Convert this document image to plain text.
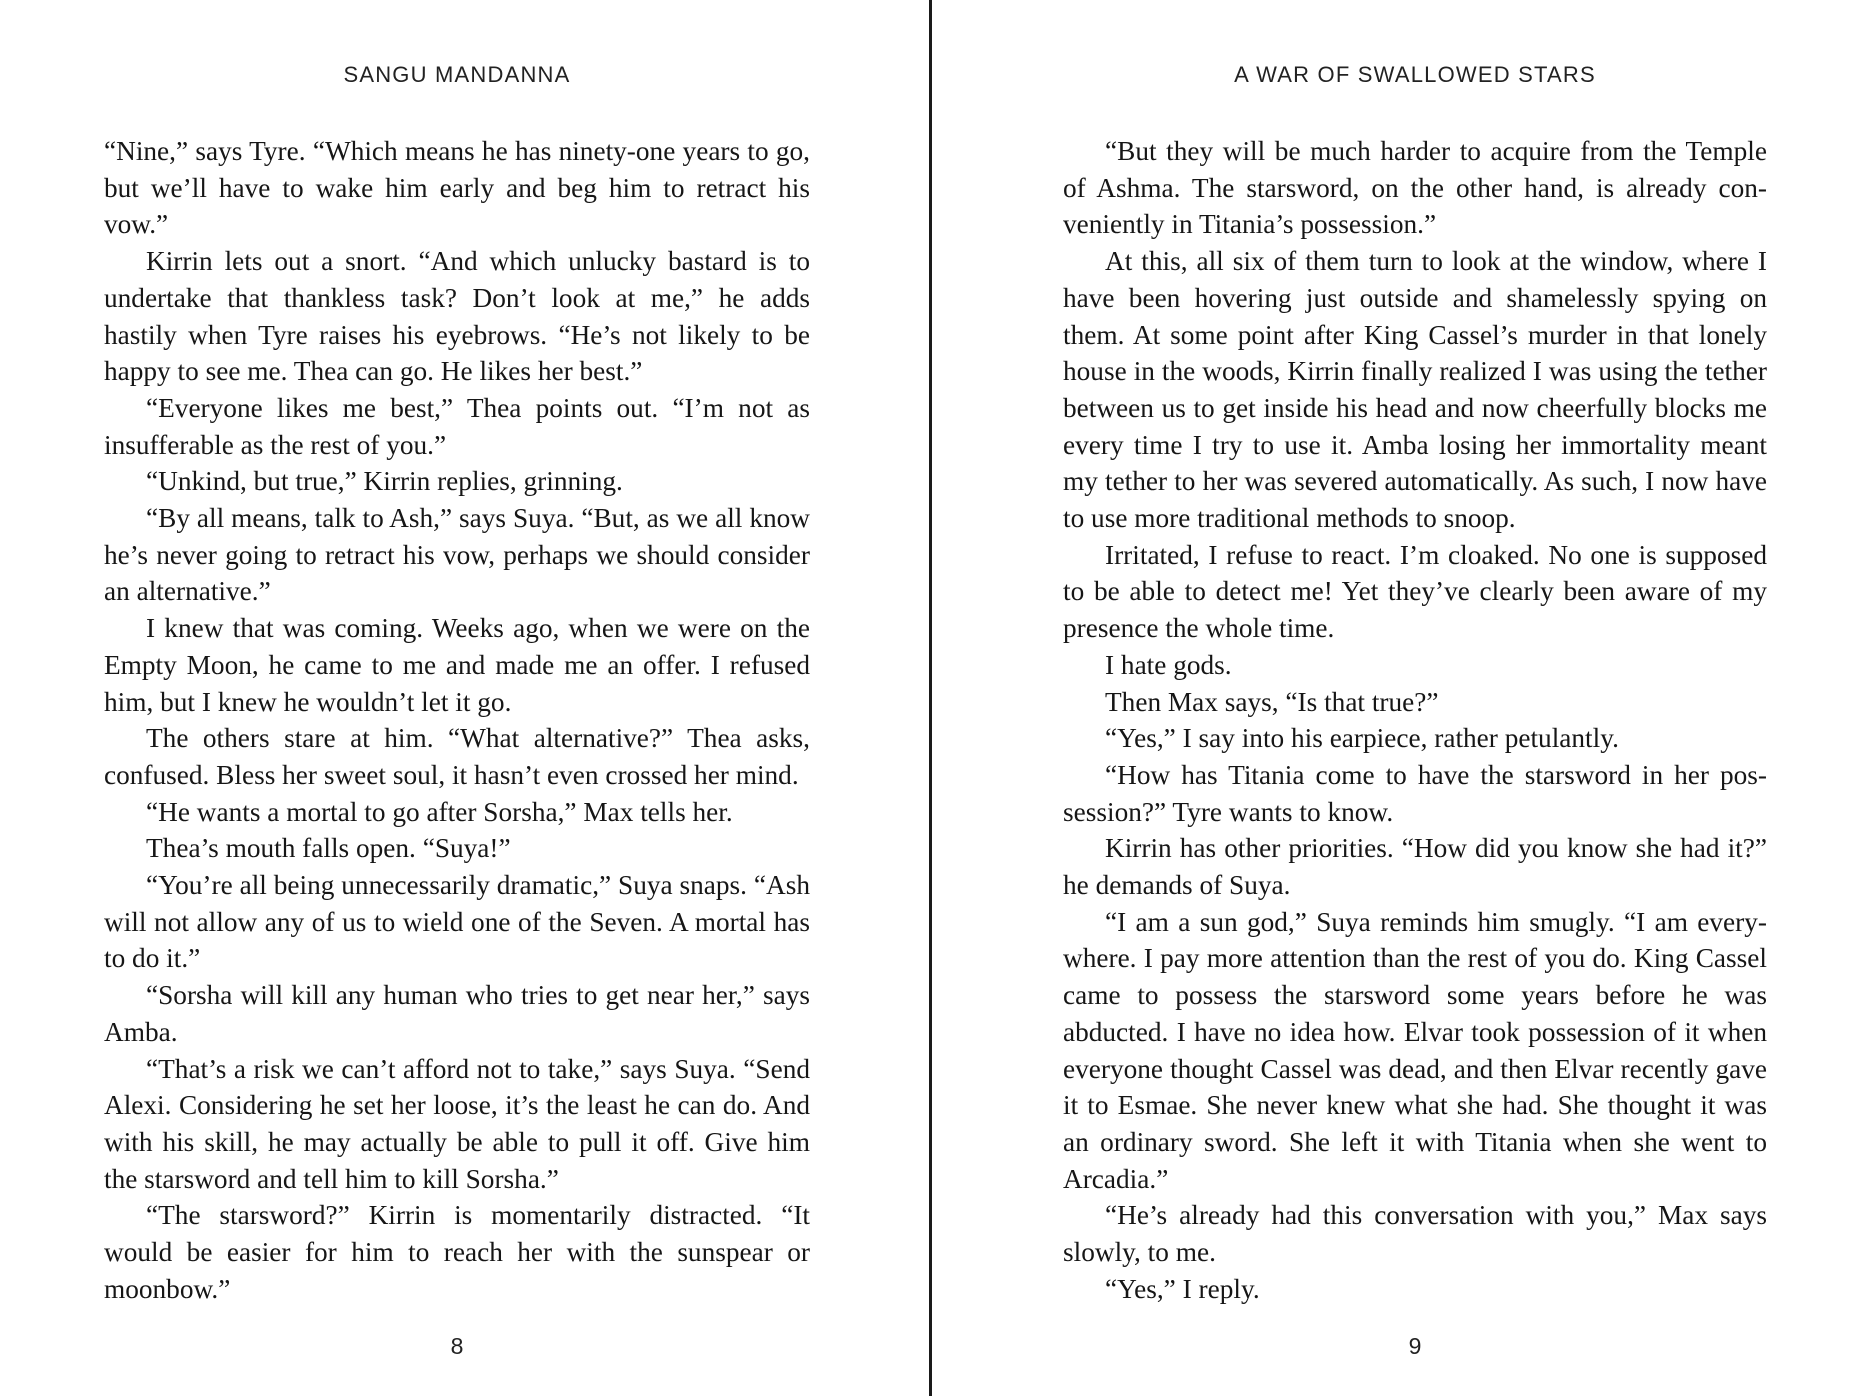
SANGU MANDANNA

“Nine,” says Tyre. “Which means he has ninety-one years to go, but we’ll have to wake him early and beg him to retract his vow.”

Kirrin lets out a snort. “And which unlucky bastard is to undertake that thankless task? Don’t look at me,” he adds hastily when Tyre raises his eyebrows. “He’s not likely to be happy to see me. Thea can go. He likes her best.”

“Everyone likes me best,” Thea points out. “I’m not as insufferable as the rest of you.”

“Unkind, but true,” Kirrin replies, grinning.

“By all means, talk to Ash,” says Suya. “But, as we all know he’s never going to retract his vow, perhaps we should consider an alternative.”

I knew that was coming. Weeks ago, when we were on the Empty Moon, he came to me and made me an offer. I refused him, but I knew he wouldn’t let it go.

The others stare at him. “What alternative?” Thea asks, confused. Bless her sweet soul, it hasn’t even crossed her mind.

“He wants a mortal to go after Sorsha,” Max tells her.

Thea’s mouth falls open. “Suya!”

“You’re all being unnecessarily dramatic,” Suya snaps. “Ash will not allow any of us to wield one of the Seven. A mortal has to do it.”

“Sorsha will kill any human who tries to get near her,” says Amba.

“That’s a risk we can’t afford not to take,” says Suya. “Send Alexi. Considering he set her loose, it’s the least he can do. And with his skill, he may actually be able to pull it off. Give him the starsword and tell him to kill Sorsha.”

“The starsword?” Kirrin is momentarily distracted. “It would be easier for him to reach her with the sunspear or moonbow.”

8
A WAR OF SWALLOWED STARS

“But they will be much harder to acquire from the Temple of Ashma. The starsword, on the other hand, is already conveniently in Titania’s possession.”

At this, all six of them turn to look at the window, where I have been hovering just outside and shamelessly spying on them. At some point after King Cassel’s murder in that lonely house in the woods, Kirrin finally realized I was using the tether between us to get inside his head and now cheerfully blocks me every time I try to use it. Amba losing her immortality meant my tether to her was severed automatically. As such, I now have to use more traditional methods to snoop.

Irritated, I refuse to react. I’m cloaked. No one is supposed to be able to detect me! Yet they’ve clearly been aware of my presence the whole time.

I hate gods.

Then Max says, “Is that true?”

“Yes,” I say into his earpiece, rather petulantly.

“How has Titania come to have the starsword in her possession?” Tyre wants to know.

Kirrin has other priorities. “How did you know she had it?” he demands of Suya.

“I am a sun god,” Suya reminds him smugly. “I am everywhere. I pay more attention than the rest of you do. King Cassel came to possess the starsword some years before he was abducted. I have no idea how. Elvar took possession of it when everyone thought Cassel was dead, and then Elvar recently gave it to Esmae. She never knew what she had. She thought it was an ordinary sword. She left it with Titania when she went to Arcadia.”

“He’s already had this conversation with you,” Max says slowly, to me.

“Yes,” I reply.

9
